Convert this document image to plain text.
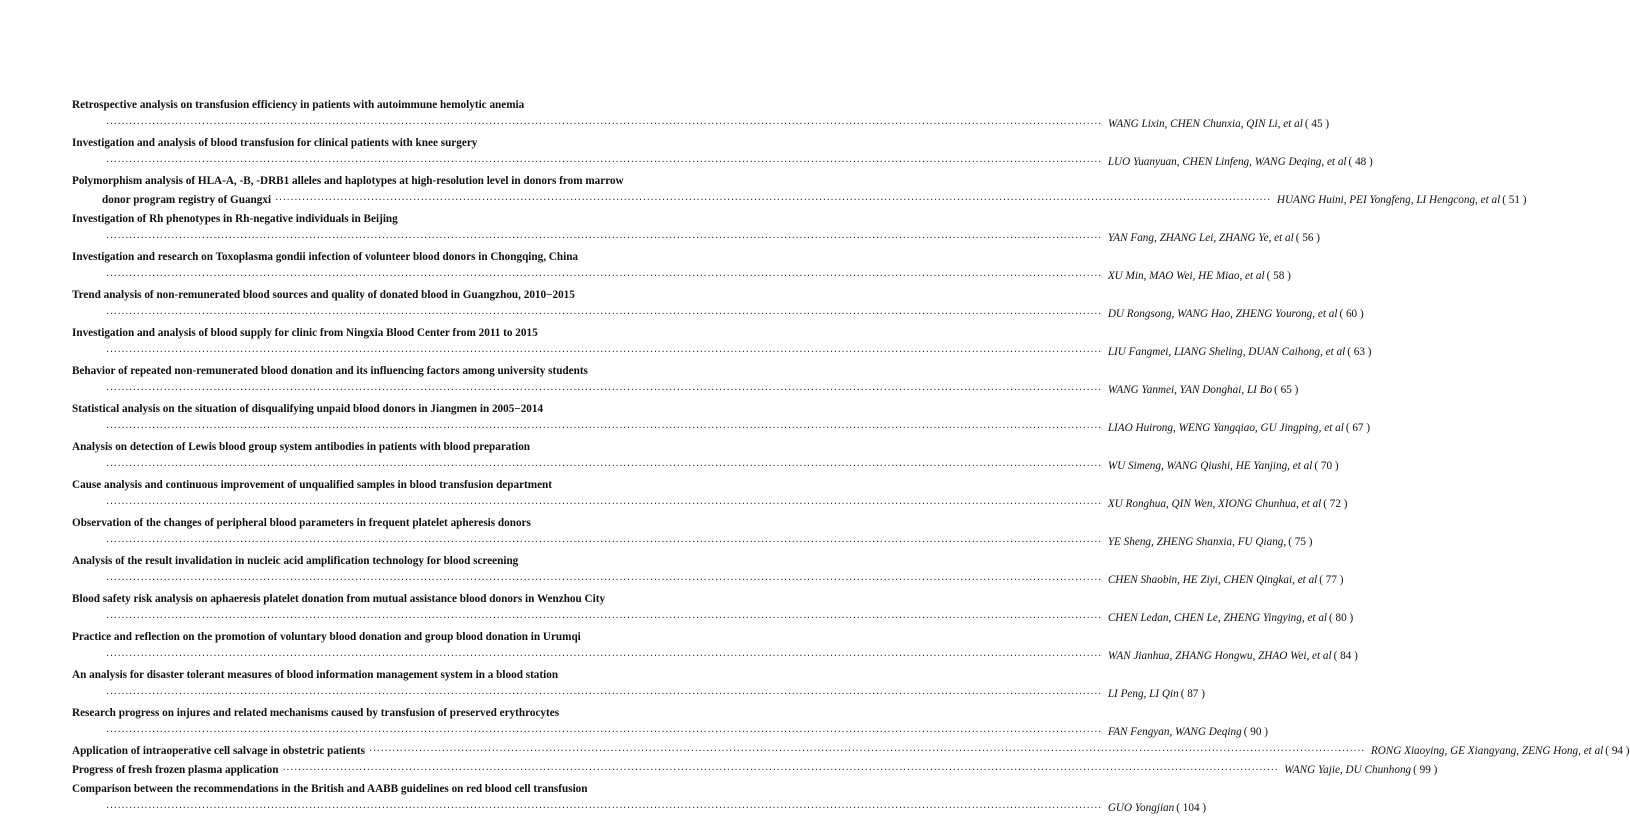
Retrospective analysis on transfusion efficiency in patients with autoimmune hemolytic anemia
···································································································································································································································································· WANG Lixin, CHEN Chunxia, QIN Li, et al ( 45 )
Investigation and analysis of blood transfusion for clinical patients with knee surgery
···································································································································································································································································· LUO Yuanyuan, CHEN Linfeng, WANG Deqing, et al ( 48 )
Polymorphism analysis of HLA-A, -B, -DRB1 alleles and haplotypes at high-resolution level in donors from marrow
donor program registry of Guangxi ···································································································································································································································································· HUANG Huini, PEI Yongfeng, LI Hengcong, et al ( 51 )
Investigation of Rh phenotypes in Rh-negative individuals in Beijing
···································································································································································································································································· YAN Fang, ZHANG Lei, ZHANG Ye, et al ( 56 )
Investigation and research on Toxoplasma gondii infection of volunteer blood donors in Chongqing, China
···································································································································································································································································· XU Min, MAO Wei, HE Miao, et al ( 58 )
Trend analysis of non-remunerated blood sources and quality of donated blood in Guangzhou, 2010−2015
···································································································································································································································································· DU Rongsong, WANG Hao, ZHENG Yourong, et al ( 60 )
Investigation and analysis of blood supply for clinic from Ningxia Blood Center from 2011 to 2015
···································································································································································································································································· LIU Fangmei, LIANG Sheling, DUAN Caihong, et al ( 63 )
Behavior of repeated non-remunerated blood donation and its influencing factors among university students
···································································································································································································································································· WANG Yanmei, YAN Donghai, LI Bo ( 65 )
Statistical analysis on the situation of disqualifying unpaid blood donors in Jiangmen in 2005−2014
···································································································································································································································································· LIAO Huirong, WENG Yangqiao, GU Jingping, et al ( 67 )
Analysis on detection of Lewis blood group system antibodies in patients with blood preparation
···································································································································································································································································· WU Simeng, WANG Qiushi, HE Yanjing, et al ( 70 )
Cause analysis and continuous improvement of unqualified samples in blood transfusion department
···································································································································································································································································· XU Ronghua, QIN Wen, XIONG Chunhua, et al ( 72 )
Observation of the changes of peripheral blood parameters in frequent platelet apheresis donors
···································································································································································································································································· YE Sheng, ZHENG Shanxia, FU Qiang, ( 75 )
Analysis of the result invalidation in nucleic acid amplification technology for blood screening
···································································································································································································································································· CHEN Shaobin, HE Ziyi, CHEN Qingkai, et al ( 77 )
Blood safety risk analysis on aphaeresis platelet donation from mutual assistance blood donors in Wenzhou City
···································································································································································································································································· CHEN Ledan, CHEN Le, ZHENG Yingying, et al ( 80 )
Practice and reflection on the promotion of voluntary blood donation and group blood donation in Urumqi
···································································································································································································································································· WAN Jianhua, ZHANG Hongwu, ZHAO Wei, et al ( 84 )
An analysis for disaster tolerant measures of blood information management system in a blood station
···································································································································································································································································· LI Peng, LI Qin ( 87 )
Research progress on injures and related mechanisms caused by transfusion of preserved erythrocytes
···································································································································································································································································· FAN Fengyan, WANG Deqing ( 90 )
Application of intraoperative cell salvage in obstetric patients ···································································································································································································································································· RONG Xiaoying, GE Xiangyang, ZENG Hong, et al ( 94 )
Progress of fresh frozen plasma application ···································································································································································································································································· WANG Yajie, DU Chunhong ( 99 )
Comparison between the recommendations in the British and AABB guidelines on red blood cell transfusion
···································································································································································································································································· GUO Yongjian ( 104 )
